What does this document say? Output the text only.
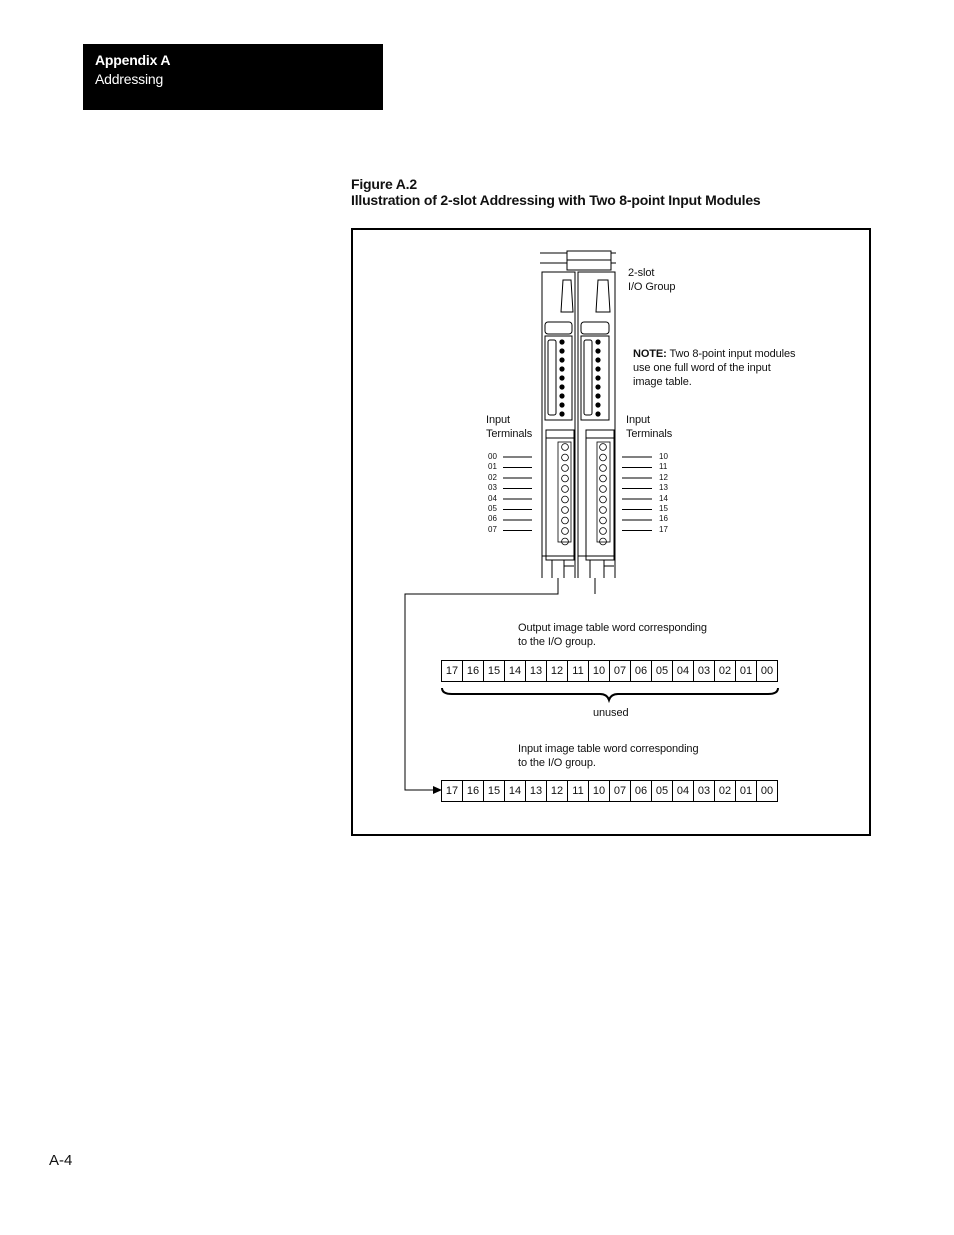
Appendix A
Addressing
Figure A.2
Illustration of 2-slot Addressing with Two 8-point Input Modules
2-slot
I/O Group
NOTE: Two 8-point input modules
use one full word of the input
image table.
Input
Terminals
Input
Terminals
00
01
02
03
04
05
06
07
10
11
12
13
14
15
16
17
Output image table word corresponding
to the I/O group.
17 16 15 14 13 12 11 10 07 06 05 04 03 02 01 00
unused
Input image table word corresponding
to the I/O group.
17 16 15 14 13 12 11 10 07 06 05 04 03 02 01 00
A-4
